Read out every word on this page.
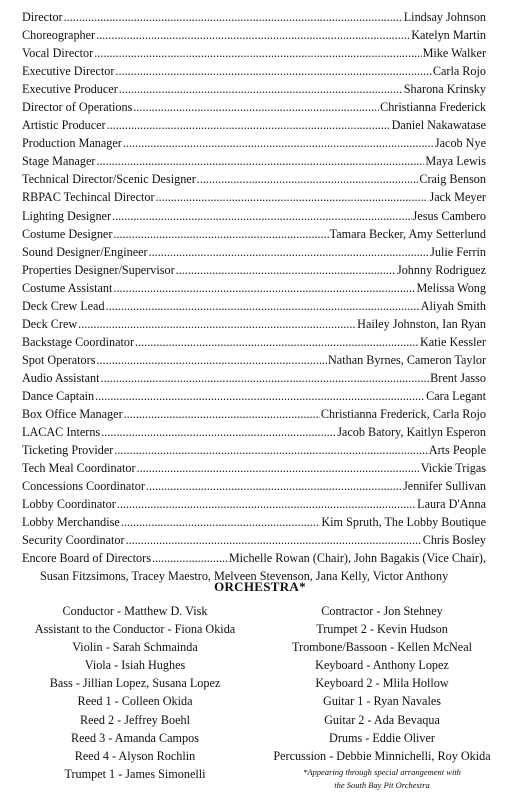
Director .....	Lindsay Johnson
Choreographer .....	Katelyn Martin
Vocal Director .....	Mike Walker
Executive Director .....	Carla Rojo
Executive Producer .....	Sharona Krinsky
Director of Operations .....	Christianna Frederick
Artistic Producer .....	Daniel Nakawatase
Production Manager .....	Jacob Nye
Stage Manager .....	Maya Lewis
Technical Director/Scenic Designer .....	Craig Benson
RBPAC Techincal Director .....	Jack Meyer
Lighting Designer .....	Jesus Cambero
Costume Designer .....	Tamara Becker, Amy Setterlund
Sound Designer/Engineer .....	Julie Ferrin
Properties Designer/Supervisor .....	Johnny Rodriguez
Costume Assistant .....	Melissa Wong
Deck Crew Lead .....	Aliyah Smith
Deck Crew .....	Hailey Johnston, Ian Ryan
Backstage Coordinator .....	Katie Kessler
Spot Operators .....	Nathan Byrnes, Cameron Taylor
Audio Assistant .....	Brent Jasso
Dance Captain .....	Cara Legant
Box Office Manager .....	Christianna Frederick, Carla Rojo
LACAC Interns .....	Jacob Batory, Kaitlyn Esperon
Ticketing Provider .....	Arts People
Tech Meal Coordinator .....	Vickie Trigas
Concessions Coordinator .....	Jennifer Sullivan
Lobby Coordinator .....	Laura D'Anna
Lobby Merchandise .....	Kim Spruth, The Lobby Boutique
Security Coordinator .....	Chris Bosley
Encore Board of Directors .....	Michelle Rowan (Chair), John Bagakis (Vice Chair),
Susan Fitzsimons, Tracey Maestro, Melveen Stevenson, Jana Kelly, Victor Anthony
ORCHESTRA*
Conductor - Matthew D. Visk
Assistant to the Conductor - Fiona Okida
Violin - Sarah Schmainda
Viola - Isiah Hughes
Bass - Jillian Lopez, Susana Lopez
Reed 1 - Colleen Okida
Reed 2 - Jeffrey Boehl
Reed 3 - Amanda Campos
Reed 4 - Alyson Rochlin
Trumpet 1 - James Simonelli
Contractor - Jon Stehney
Trumpet 2 - Kevin Hudson
Trombone/Bassoon - Kellen McNeal
Keyboard - Anthony Lopez
Keyboard 2 - Mlila Hollow
Guitar 1 - Ryan Navales
Guitar 2 - Ada Bevaqua
Drums - Eddie Oliver
Percussion - Debbie Minnichelli, Roy Okida
*Appearing through special arrangement with
the South Bay Pit Orchestra
